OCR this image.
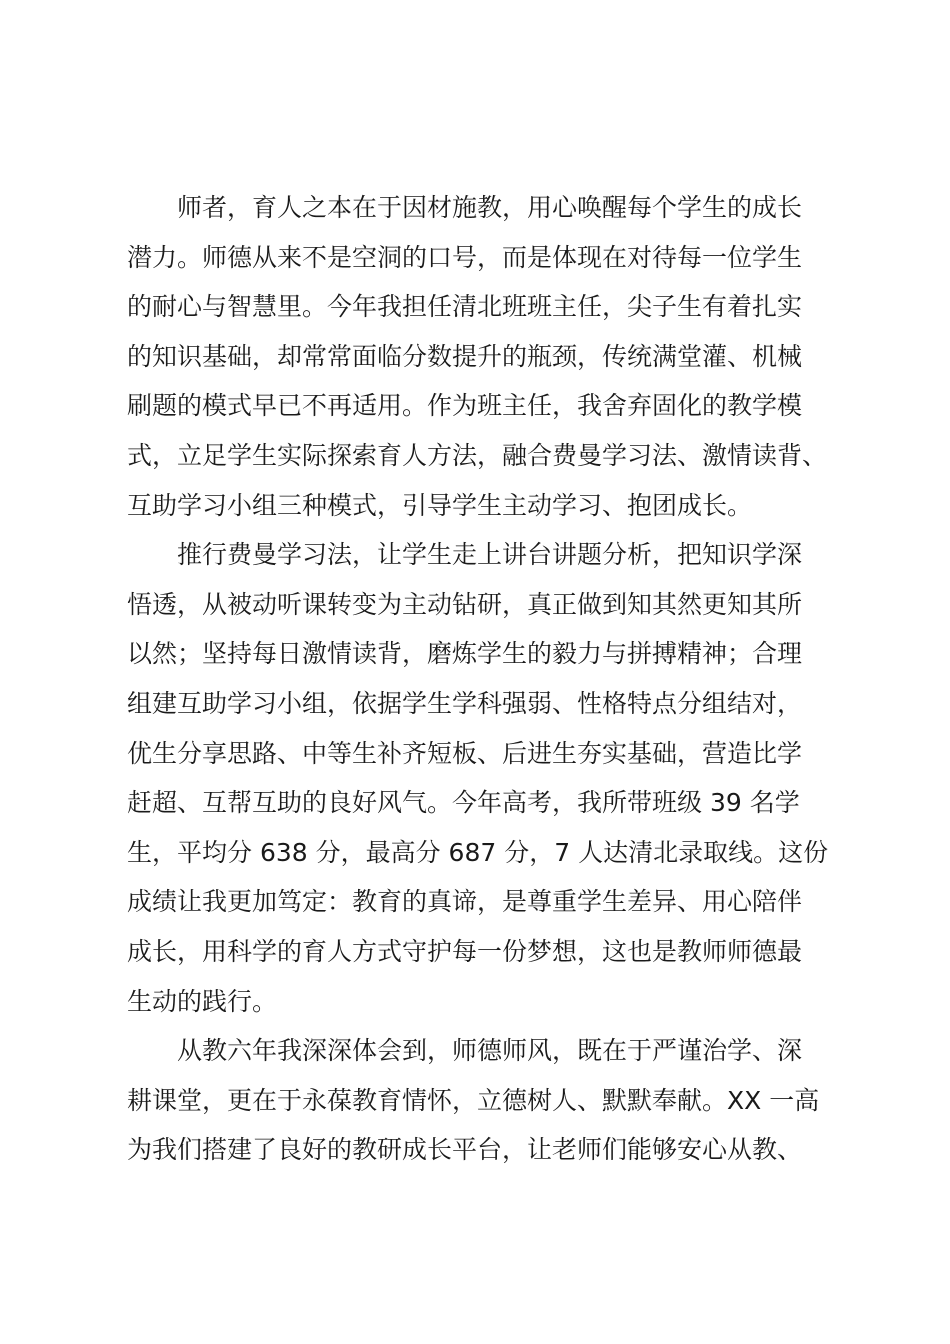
师者，育人之本在于因材施教，用心唤醒每个学生的成长
潜力。师德从来不是空洞的口号，而是体现在对待每一位学生
的耐心与智慧里。今年我担任清北班班主任，尖子生有着扎实
的知识基础，却常常面临分数提升的瓶颈，传统满堂灌、机械
刷题的模式早已不再适用。作为班主任，我舍弃固化的教学模
式，立足学生实际探索育人方法，融合费曼学习法、激情读背、
互助学习小组三种模式，引导学生主动学习、抱团成长。
推行费曼学习法，让学生走上讲台讲题分析，把知识学深
悟透，从被动听课转变为主动钻研，真正做到知其然更知其所
以然；坚持每日激情读背，磨炼学生的毅力与拼搏精神；合理
组建互助学习小组，依据学生学科强弱、性格特点分组结对，
优生分享思路、中等生补齐短板、后进生夯实基础，营造比学
赶超、互帮互助的良好风气。今年高考，我所带班级 39 名学
生，平均分 638 分，最高分 687 分，7 人达清北录取线。这份
成绩让我更加笃定：教育的真谛，是尊重学生差异、用心陪伴
成长，用科学的育人方式守护每一份梦想，这也是教师师德最
生动的践行。
从教六年我深深体会到，师德师风，既在于严谨治学、深
耕课堂，更在于永葆教育情怀，立德树人、默默奉献。XX 一高
为我们搭建了良好的教研成长平台，让老师们能够安心从教、
